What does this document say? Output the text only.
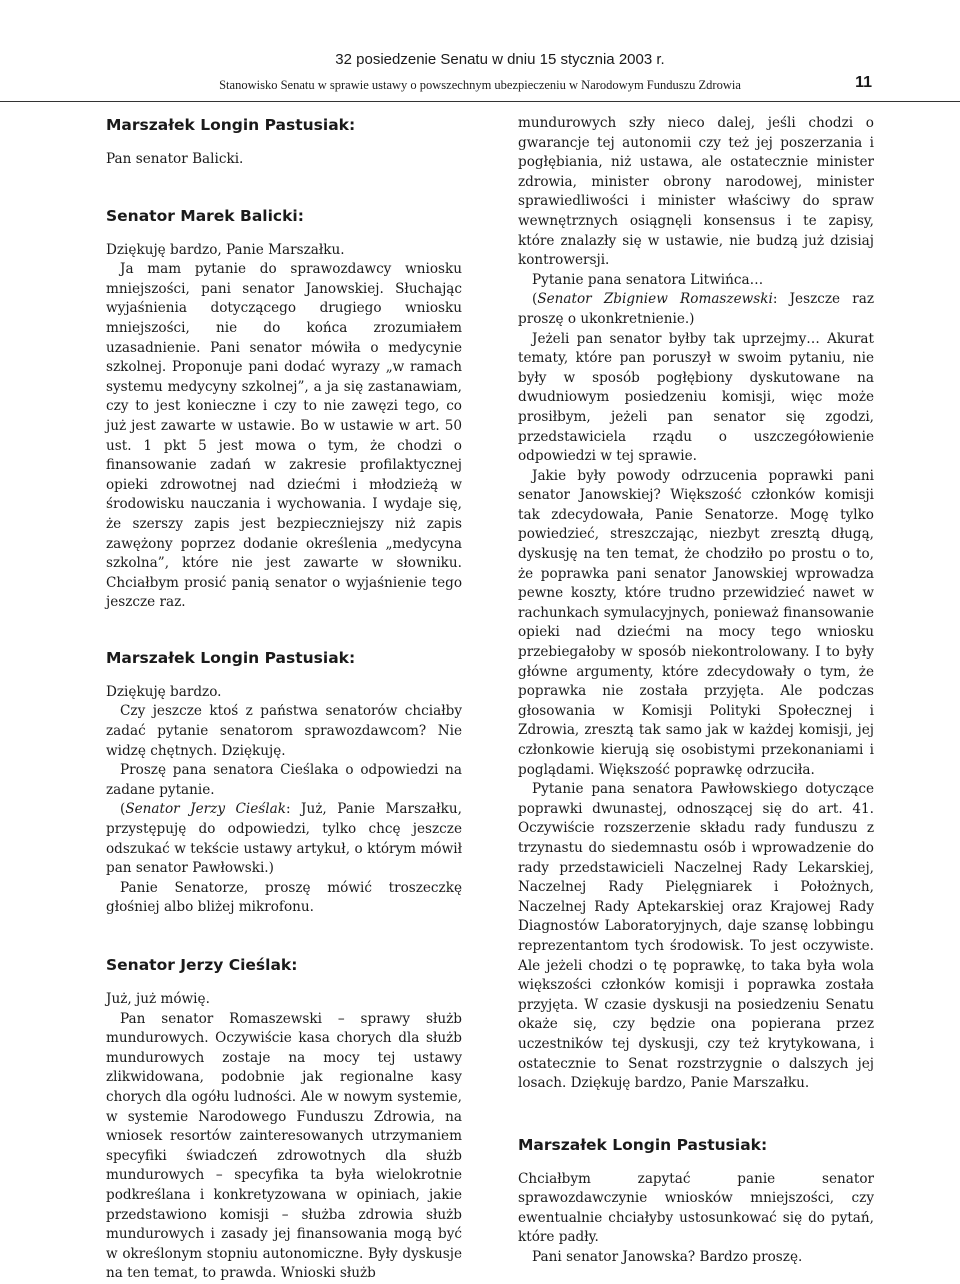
32 posiedzenie Senatu w dniu 15 stycznia 2003 r.
Stanowisko Senatu w sprawie ustawy o powszechnym ubezpieczeniu w Narodowym Funduszu Zdrowia	11

Marszałek Longin Pastusiak:

Pan senator Balicki.

Senator Marek Balicki:

Dziękuję bardzo, Panie Marszałku.

Ja mam pytanie do sprawozdawcy wniosku mniejszości, pani senator Janowskiej. Słuchając wyjaśnienia dotyczącego drugiego wniosku mniejszości, nie do końca zrozumiałem uzasadnienie. Pani senator mówiła o medycynie szkolnej. Proponuje pani dodać wyrazy „w ramach systemu medycyny szkolnej”, a ja się zastanawiam, czy to jest konieczne i czy to nie zawęzi tego, co już jest zawarte w ustawie. Bo w ustawie w art. 50 ust. 1 pkt 5 jest mowa o tym, że chodzi o finansowanie zadań w zakresie profilaktycznej opieki zdrowotnej nad dziećmi i młodzieżą w środowisku nauczania i wychowania. I wydaje się, że szerszy zapis jest bezpieczniejszy niż zapis zawężony poprzez dodanie określenia „medycyna szkolna”, które nie jest zawarte w słowniku. Chciałbym prosić panią senator o wyjaśnienie tego jeszcze raz.

Marszałek Longin Pastusiak:

Dziękuję bardzo.

Czy jeszcze ktoś z państwa senatorów chciałby zadać pytanie senatorom sprawozdawcom? Nie widzę chętnych. Dziękuję.

Proszę pana senatora Cieślaka o odpowiedzi na zadane pytanie.

(Senator Jerzy Cieślak: Już, Panie Marszałku, przystępuję do odpowiedzi, tylko chcę jeszcze odszukać w tekście ustawy artykuł, o którym mówił pan senator Pawłowski.)

Panie Senatorze, proszę mówić troszeczkę głośniej albo bliżej mikrofonu.

Senator Jerzy Cieślak:

Już, już mówię.

Pan senator Romaszewski – sprawy służb mundurowych. Oczywiście kasa chorych dla służb mundurowych zostaje na mocy tej ustawy zlikwidowana, podobnie jak regionalne kasy chorych dla ogółu ludności. Ale w nowym systemie, w systemie Narodowego Funduszu Zdrowia, na wniosek resortów zainteresowanych utrzymaniem specyfiki świadczeń zdrowotnych dla służb mundurowych – specyfika ta była wielokrotnie podkreślana i konkretyzowana w opiniach, jakie przedstawiono komisji – służba zdrowia służb mundurowych i zasady jej finansowania mogą być w określonym stopniu autonomiczne. Były dyskusje na ten temat, to prawda. Wnioski służb

mundurowych szły nieco dalej, jeśli chodzi o gwarancje tej autonomii czy też jej poszerzania i pogłębiania, niż ustawa, ale ostatecznie minister zdrowia, minister obrony narodowej, minister sprawiedliwości i minister właściwy do spraw wewnętrznych osiągnęli konsensus i te zapisy, które znalazły się w ustawie, nie budzą już dzisiaj kontrowersji.

Pytanie pana senatora Litwińca…

(Senator Zbigniew Romaszewski: Jeszcze raz proszę o ukonkretnienie.)

Jeżeli pan senator byłby tak uprzejmy… Akurat tematy, które pan poruszył w swoim pytaniu, nie były w sposób pogłębiony dyskutowane na dwudniowym posiedzeniu komisji, więc może prosiłbym, jeżeli pan senator się zgodzi, przedstawiciela rządu o uszczegółowienie odpowiedzi w tej sprawie.

Jakie były powody odrzucenia poprawki pani senator Janowskiej? Większość członków komisji tak zdecydowała, Panie Senatorze. Mogę tylko powiedzieć, streszczając, niezbyt zresztą długą, dyskusję na ten temat, że chodziło po prostu o to, że poprawka pani senator Janowskiej wprowadza pewne koszty, które trudno przewidzieć nawet w rachunkach symulacyjnych, ponieważ finansowanie opieki nad dziećmi na mocy tego wniosku przebiegałoby w sposób niekontrolowany. I to były główne argumenty, które zdecydowały o tym, że poprawka nie została przyjęta. Ale podczas głosowania w Komisji Polityki Społecznej i Zdrowia, zresztą tak samo jak w każdej komisji, jej członkowie kierują się osobistymi przekonaniami i poglądami. Większość poprawkę odrzuciła.

Pytanie pana senatora Pawłowskiego dotyczące poprawki dwunastej, odnoszącej się do art. 41. Oczywiście rozszerzenie składu rady funduszu z trzynastu do siedemnastu osób i wprowadzenie do rady przedstawicieli Naczelnej Rady Lekarskiej, Naczelnej Rady Pielęgniarek i Położnych, Naczelnej Rady Aptekarskiej oraz Krajowej Rady Diagnostów Laboratoryjnych, daje szansę lobbingu reprezentantom tych środowisk. To jest oczywiste. Ale jeżeli chodzi o tę poprawkę, to taka była wola większości członków komisji i poprawka została przyjęta. W czasie dyskusji na posiedzeniu Senatu okaże się, czy będzie ona popierana przez uczestników tej dyskusji, czy też krytykowana, i ostatecznie to Senat rozstrzygnie o dalszych jej losach. Dziękuję bardzo, Panie Marszałku.

Marszałek Longin Pastusiak:

Chciałbym zapytać panie senator sprawozdawczynie wniosków mniejszości, czy ewentualnie chciałyby ustosunkować się do pytań, które padły.

Pani senator Janowska? Bardzo proszę.
